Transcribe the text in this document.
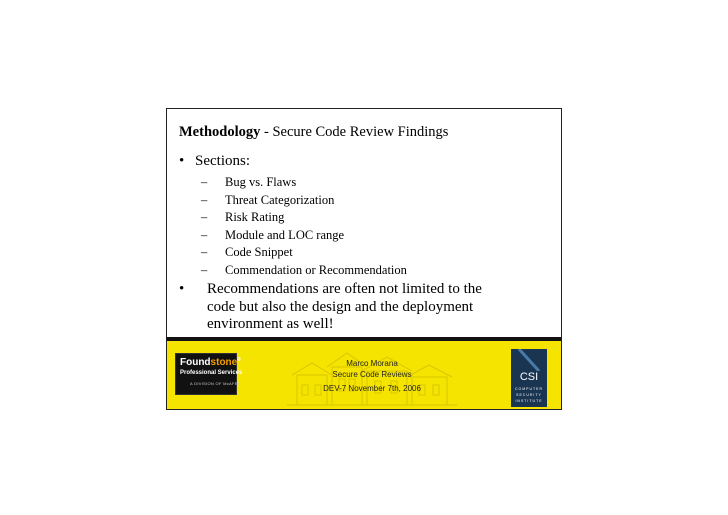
Methodology - Secure Code Review Findings
• Sections:
– Bug vs. Flaws
– Threat Categorization
– Risk Rating
– Module and LOC range
– Code Snippet
– Commendation or Recommendation
•	Recommendations are often not limited to the code but also the design and the deployment environment as well!
Foundstone®
Professional Services
A DIVISION OF McAFEE
Marco Morana
Secure Code Reviews
DEV-7 November 7th, 2006
CSI
COMPUTER
SECURITY
INSTITUTE
